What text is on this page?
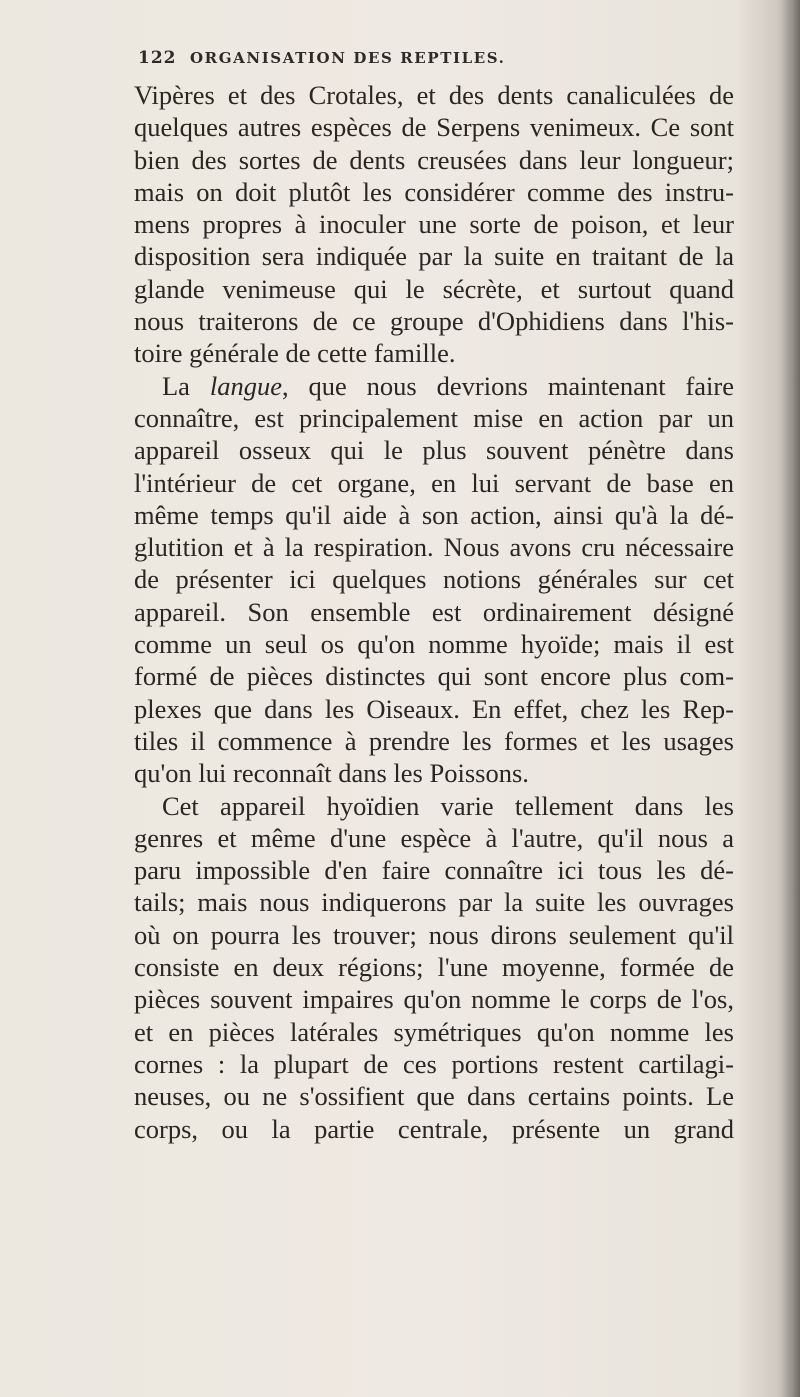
122 ORGANISATION DES REPTILES.
Vipères et des Crotales, et des dents canaliculées de
quelques autres espèces de Serpens venimeux. Ce sont
bien des sortes de dents creusées dans leur longueur;
mais on doit plutôt les considérer comme des instru-
mens propres à inoculer une sorte de poison, et leur
disposition sera indiquée par la suite en traitant de la
glande venimeuse qui le sécrète, et surtout quand
nous traiterons de ce groupe d'Ophidiens dans l'his-
toire générale de cette famille.
La langue, que nous devrions maintenant faire
connaître, est principalement mise en action par un
appareil osseux qui le plus souvent pénètre dans
l'intérieur de cet organe, en lui servant de base en
même temps qu'il aide à son action, ainsi qu'à la dé-
glutition et à la respiration. Nous avons cru nécessaire
de présenter ici quelques notions générales sur cet
appareil. Son ensemble est ordinairement désigné
comme un seul os qu'on nomme hyoïde; mais il est
formé de pièces distinctes qui sont encore plus com-
plexes que dans les Oiseaux. En effet, chez les Rep-
tiles il commence à prendre les formes et les usages
qu'on lui reconnaît dans les Poissons.
Cet appareil hyoïdien varie tellement dans les
genres et même d'une espèce à l'autre, qu'il nous a
paru impossible d'en faire connaître ici tous les dé-
tails; mais nous indiquerons par la suite les ouvrages
où on pourra les trouver; nous dirons seulement qu'il
consiste en deux régions; l'une moyenne, formée de
pièces souvent impaires qu'on nomme le corps de l'os,
et en pièces latérales symétriques qu'on nomme les
cornes : la plupart de ces portions restent cartilagi-
neuses, ou ne s'ossifient que dans certains points. Le
corps, ou la partie centrale, présente un grand
